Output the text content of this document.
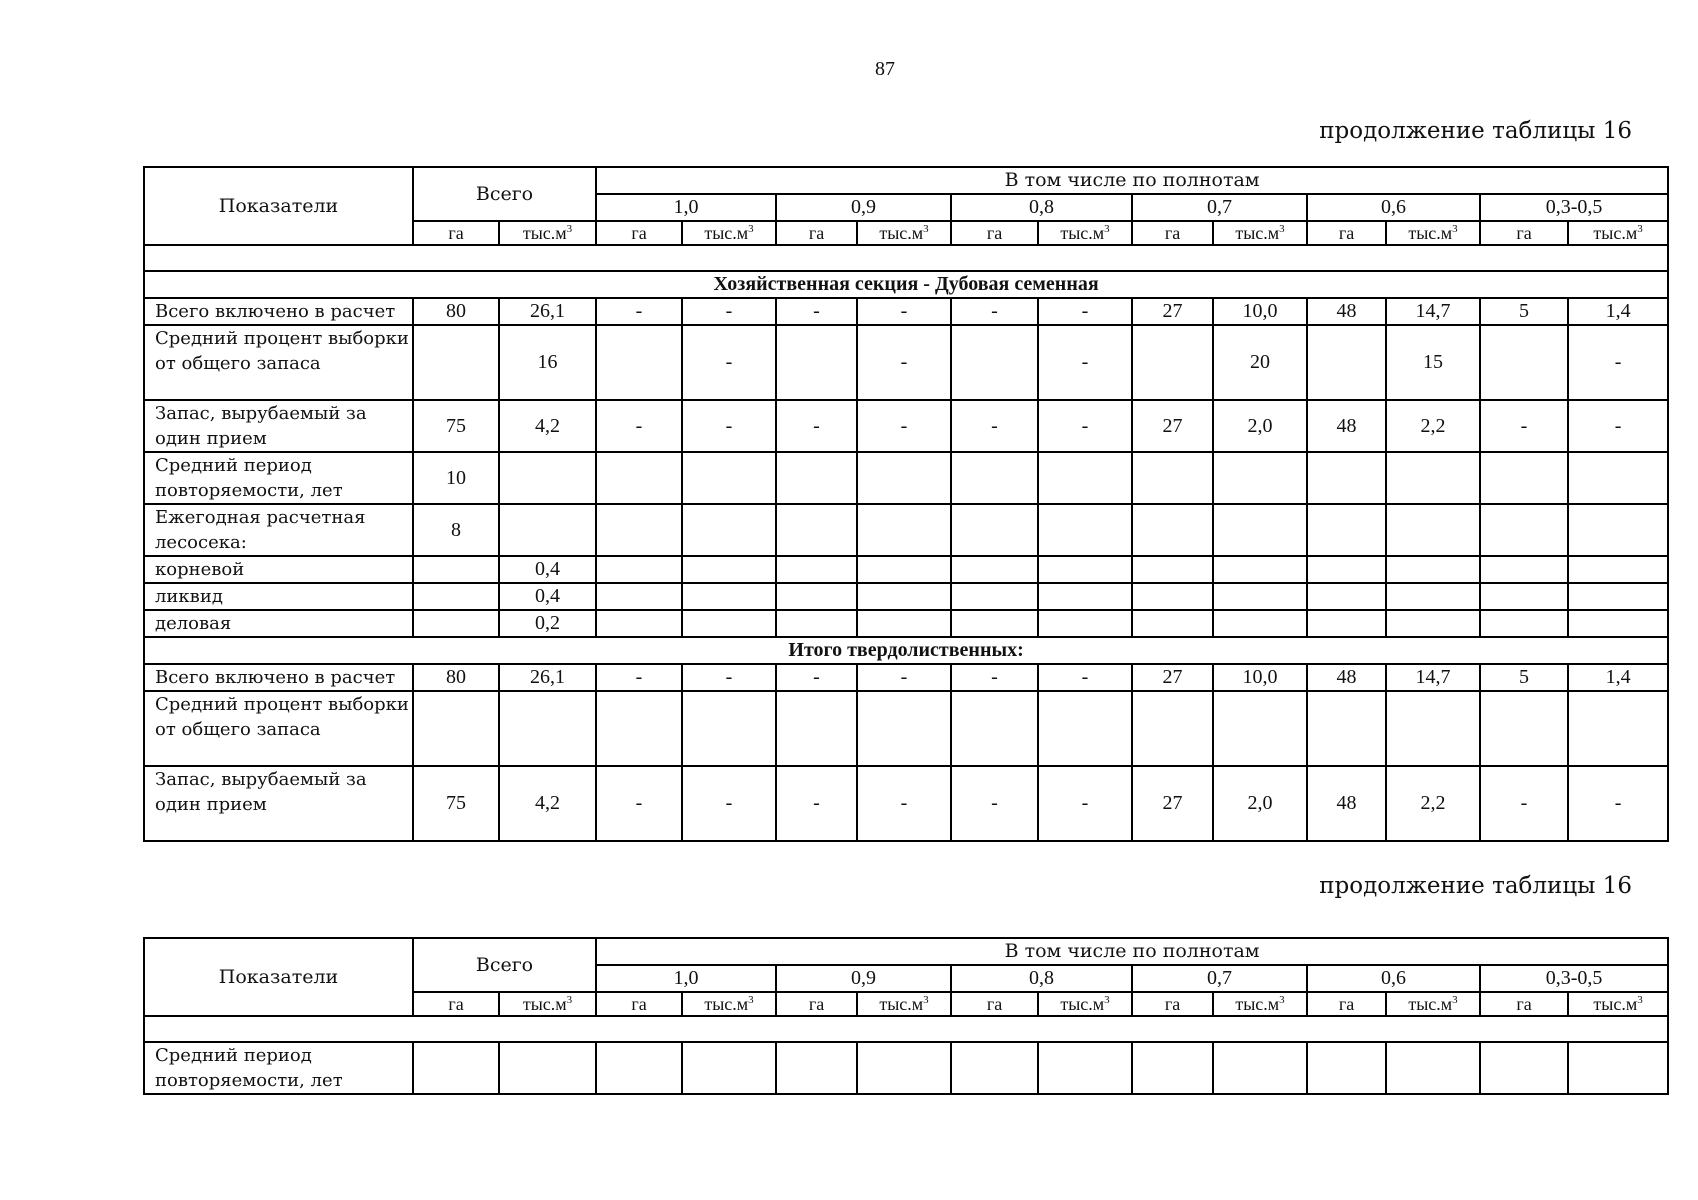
87
продолжение таблицы 16
Показатели	Всего		В том числе по полнотам											
			1,0		0,9		0,8		0,7		0,6		0,3-0,5	
	га	$тыс.м^3$	га	$тыс.м^3$	га	$тыс.м^3$	га	$тыс.м^3$	га	$тыс.м^3$	га	$тыс.м^3$	га	$тыс.м^3$

Хозяйственная секция - Дубовая семенная														
Всего включено в расчет	80	26,1	-	-	-	-	-	-	27	10,0	48	14,7	5	1,4
Средний процент выборки от общего запаса		16		-		-		-		20		15		-
Запас, вырубаемый за один прием	75	4,2	-	-	-	-	-	-	27	2,0	48	2,2	-	-
Средний период повторяемости, лет	10													
Ежегодная расчетная лесосека:	8													
корневой		0,4												
ликвид		0,4												
деловая		0,2												
Итого твердолиственных:														
Всего включено в расчет	80	26,1	-	-	-	-	-	-	27	10,0	48	14,7	5	1,4
Средний процент выборки от общего запаса														
Запас, вырубаемый за один прием	75	4,2	-	-	-	-	-	-	27	2,0	48	2,2	-	-
продолжение таблицы 16
Показатели	Всего		В том числе по полнотам											
			1,0		0,9		0,8		0,7		0,6		0,3-0,5	
	га	$тыс.м^3$	га	$тыс.м^3$	га	$тыс.м^3$	га	$тыс.м^3$	га	$тыс.м^3$	га	$тыс.м^3$	га	$тыс.м^3$

Средний период повторяемости, лет														
